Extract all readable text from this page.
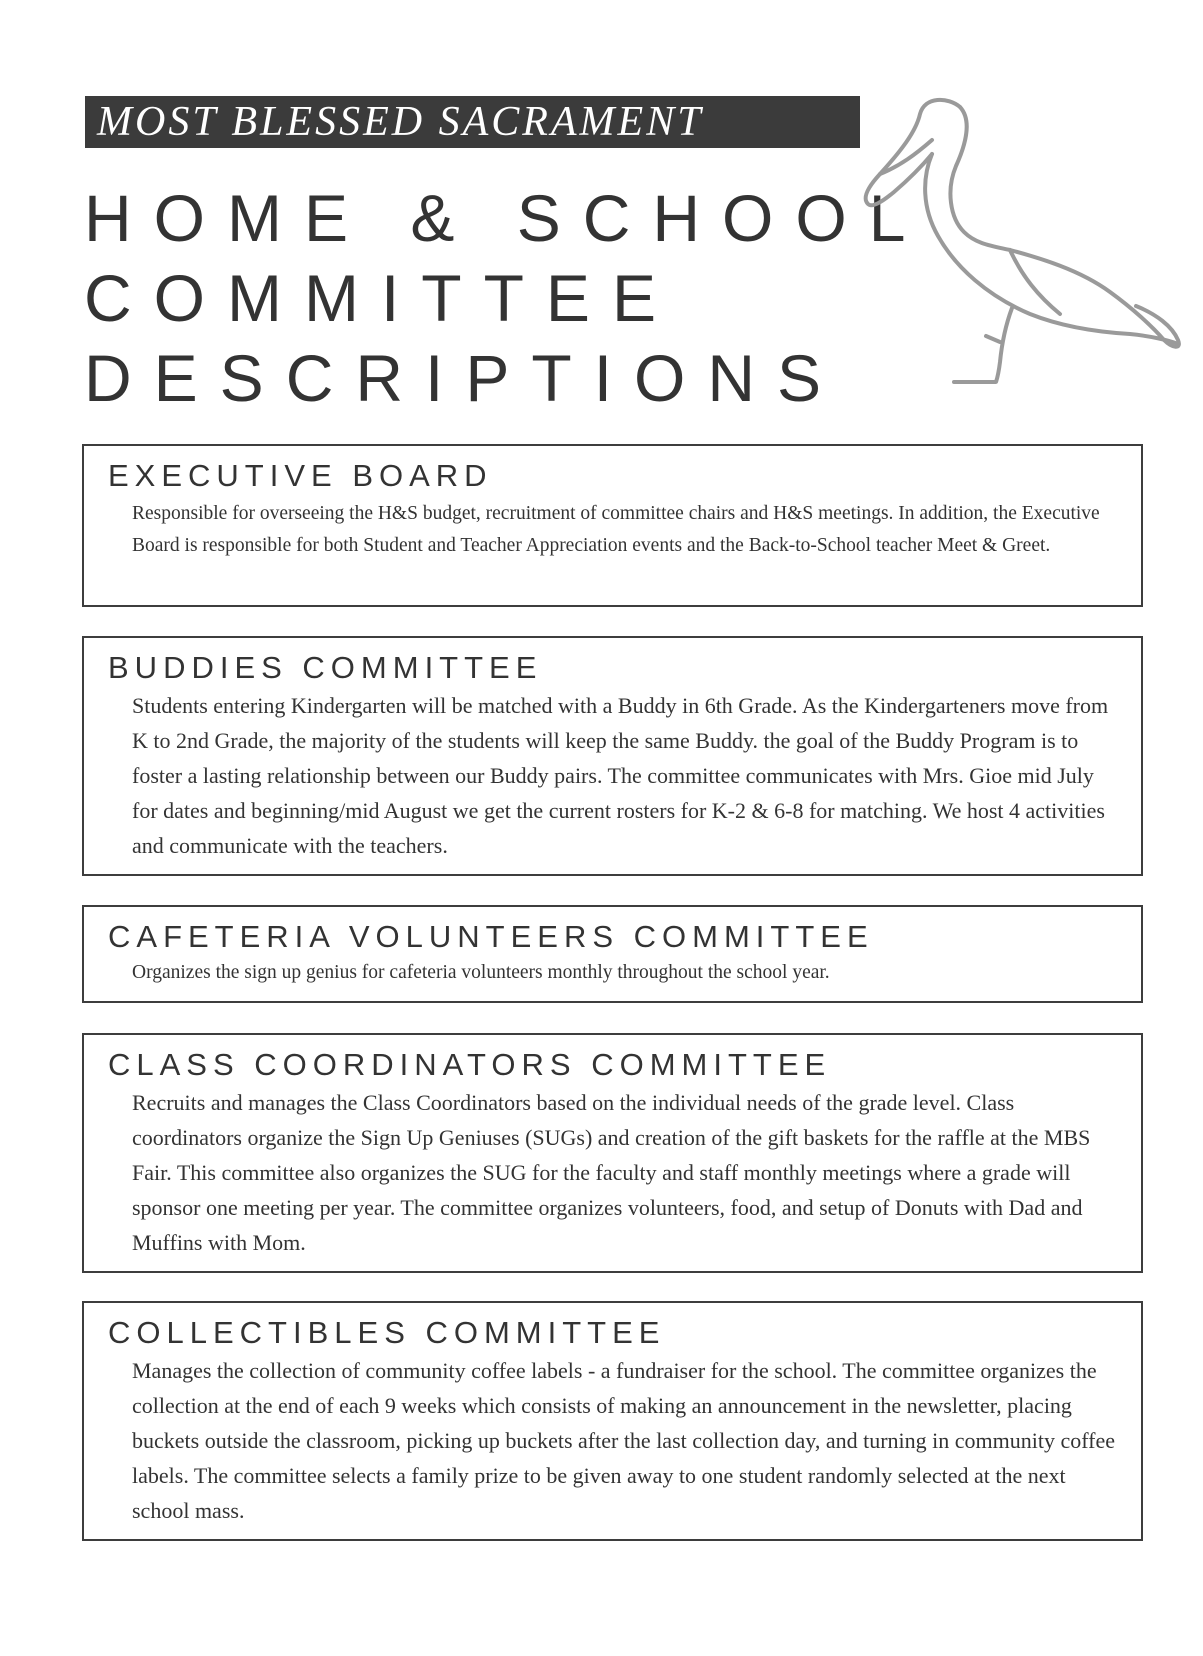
MOST BLESSED SACRAMENT
HOME & SCHOOL
COMMITTEE
DESCRIPTIONS
EXECUTIVE BOARD

Responsible for overseeing the H&S budget, recruitment of committee chairs and H&S meetings. In addition, the Executive Board is responsible for both Student and Teacher Appreciation events and the Back-to-School teacher Meet & Greet.

BUDDIES COMMITTEE

Students entering Kindergarten will be matched with a Buddy in 6th Grade. As the Kindergarteners move from K to 2nd Grade, the majority of the students will keep the same Buddy. the goal of the Buddy Program is to foster a lasting relationship between our Buddy pairs. The committee communicates with Mrs. Gioe mid July for dates and beginning/mid August we get the current rosters for K-2 & 6-8 for matching. We host 4 activities and communicate with the teachers.

CAFETERIA VOLUNTEERS COMMITTEE

Organizes the sign up genius for cafeteria volunteers monthly throughout the school year.

CLASS COORDINATORS COMMITTEE

Recruits and manages the Class Coordinators based on the individual needs of the grade level. Class coordinators organize the Sign Up Geniuses (SUGs) and creation of the gift baskets for the raffle at the MBS Fair. This committee also organizes the SUG for the faculty and staff monthly meetings where a grade will sponsor one meeting per year. The committee organizes volunteers, food, and setup of Donuts with Dad and Muffins with Mom.

COLLECTIBLES COMMITTEE

Manages the collection of community coffee labels - a fundraiser for the school. The committee organizes the collection at the end of each 9 weeks which consists of making an announcement in the newsletter, placing buckets outside the classroom, picking up buckets after the last collection day, and turning in community coffee labels. The committee selects a family prize to be given away to one student randomly selected at the next school mass.
